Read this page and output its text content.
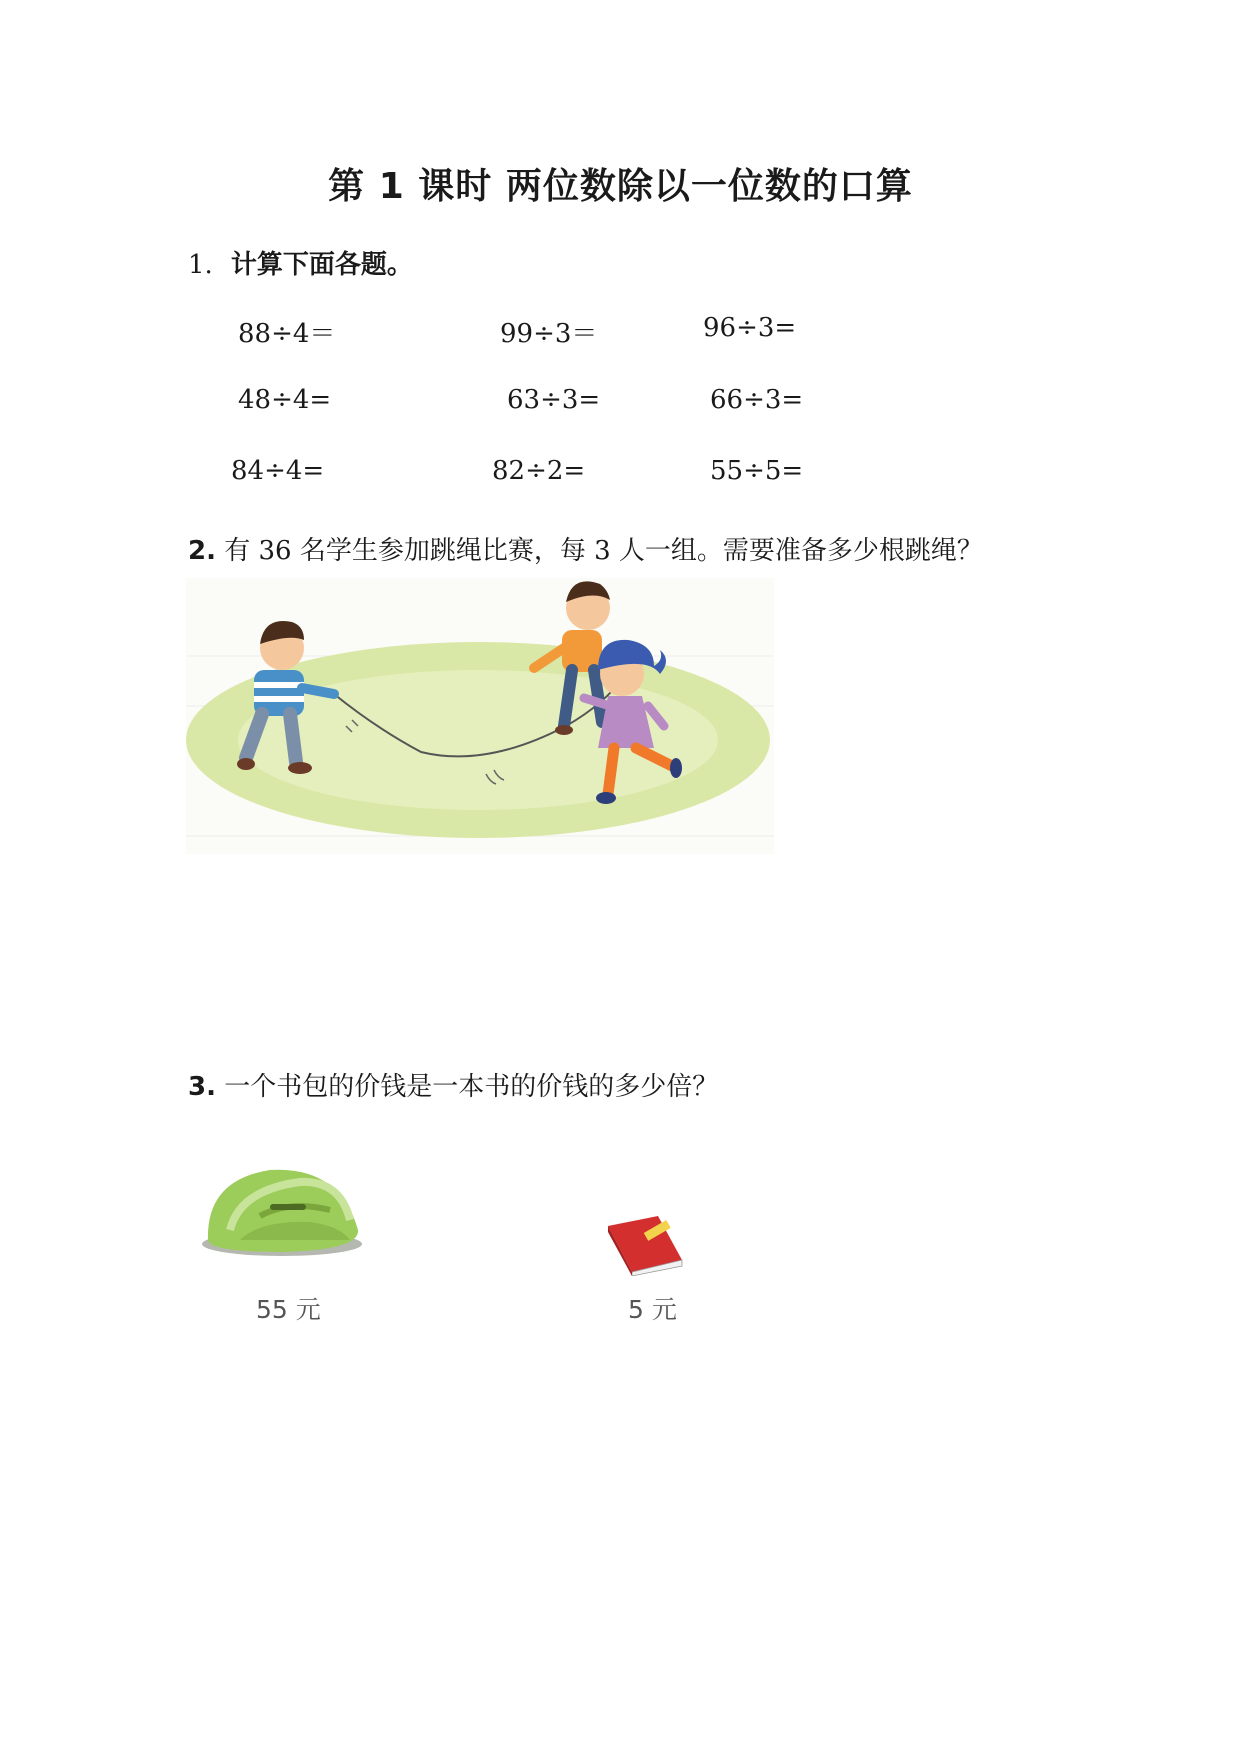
第 1 课时 两位数除以一位数的口算
1. 计算下面各题。
88÷4＝	99÷3＝	96÷3=
48÷4=	63÷3=	66÷3=
84÷4=	82÷2=	55÷5=
2. 有 36 名学生参加跳绳比赛，每 3 人一组。需要准备多少根跳绳？
3. 一个书包的价钱是一本书的价钱的多少倍？
55 元	5 元
